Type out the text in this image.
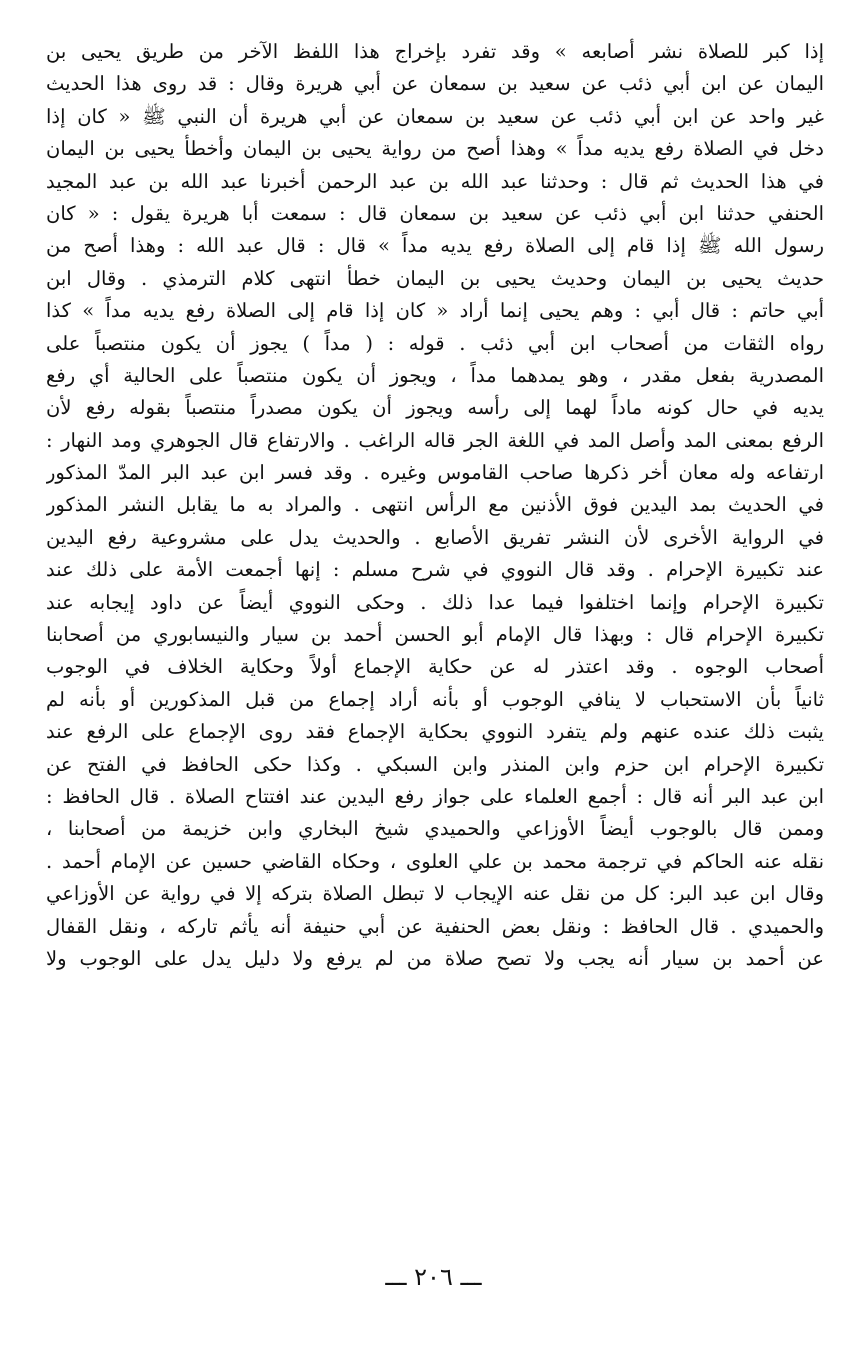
إذا كبر للصلاة نشر أصابعه » وقد تفرد بإخراج هذا اللفظ الآخر من طريق يحيى بن
اليمان عن ابن أبي ذئب عن سعيد بن سمعان عن أبي هريرة وقال : قد روى هذا الحديث
غير واحد عن ابن أبي ذئب عن سعيد بن سمعان عن أبي هريرة أن النبي ﷺ « كان إذا
دخل في الصلاة رفع يديه مداً » وهذا أصح من رواية يحيى بن اليمان وأخطأ يحيى بن اليمان
في هذا الحديث ثم قال : وحدثنا عبد الله بن عبد الرحمن أخبرنا عبد الله بن عبد المجيد
الحنفي حدثنا ابن أبي ذئب عن سعيد بن سمعان قال : سمعت أبا هريرة يقول : « كان
رسول الله ﷺ إذا قام إلى الصلاة رفع يديه مداً » قال : قال عبد الله : وهذا أصح من
حديث يحيى بن اليمان وحديث يحيى بن اليمان خطأ انتهى كلام الترمذي . وقال ابن
أبي حاتم : قال أبي : وهم يحيى إنما أراد « كان إذا قام إلى الصلاة رفع يديه مداً » كذا
رواه الثقات من أصحاب ابن أبي ذئب . قوله : ( مداً ) يجوز أن يكون منتصباً على
المصدرية بفعل مقدر ، وهو يمدهما مداً ، ويجوز أن يكون منتصباً على الحالية أي رفع
يديه في حال كونه ماداً لهما إلى رأسه ويجوز أن يكون مصدراً منتصباً بقوله رفع لأن
الرفع بمعنى المد وأصل المد في اللغة الجر قاله الراغب . والارتفاع قال الجوهري ومد النهار :
ارتفاعه وله معان أخر ذكرها صاحب القاموس وغيره . وقد فسر ابن عبد البر المدّ المذكور
في الحديث بمد اليدين فوق الأذنين مع الرأس انتهى . والمراد به ما يقابل النشر المذكور
في الرواية الأخرى لأن النشر تفريق الأصابع . والحديث يدل على مشروعية رفع اليدين
عند تكبيرة الإحرام . وقد قال النووي في شرح مسلم : إنها أجمعت الأمة على ذلك عند
تكبيرة الإحرام وإنما اختلفوا فيما عدا ذلك . وحكى النووي أيضاً عن داود إيجابه عند
تكبيرة الإحرام قال : وبهذا قال الإمام أبو الحسن أحمد بن سيار والنيسابوري من أصحابنا
أصحاب الوجوه . وقد اعتذر له عن حكاية الإجماع أولاً وحكاية الخلاف في الوجوب
ثانياً بأن الاستحباب لا ينافي الوجوب أو بأنه أراد إجماع من قبل المذكورين أو بأنه لم
يثبت ذلك عنده عنهم ولم يتفرد النووي بحكاية الإجماع فقد روى الإجماع على الرفع عند
تكبيرة الإحرام ابن حزم وابن المنذر وابن السبكي . وكذا حكى الحافظ في الفتح عن
ابن عبد البر أنه قال : أجمع العلماء على جواز رفع اليدين عند افتتاح الصلاة . قال الحافظ :
وممن قال بالوجوب أيضاً الأوزاعي والحميدي شيخ البخاري وابن خزيمة من أصحابنا ،
نقله عنه الحاكم في ترجمة محمد بن علي العلوى ، وحكاه القاضي حسين عن الإمام أحمد .
وقال ابن عبد البر: كل من نقل عنه الإيجاب لا تبطل الصلاة بتركه إلا في رواية عن الأوزاعي
والحميدي . قال الحافظ : ونقل بعض الحنفية عن أبي حنيفة أنه يأثم تاركه ، ونقل القفال
عن أحمد بن سيار أنه يجب ولا تصح صلاة من لم يرفع ولا دليل يدل على الوجوب ولا
ـــ ٢٠٦ ـــ
